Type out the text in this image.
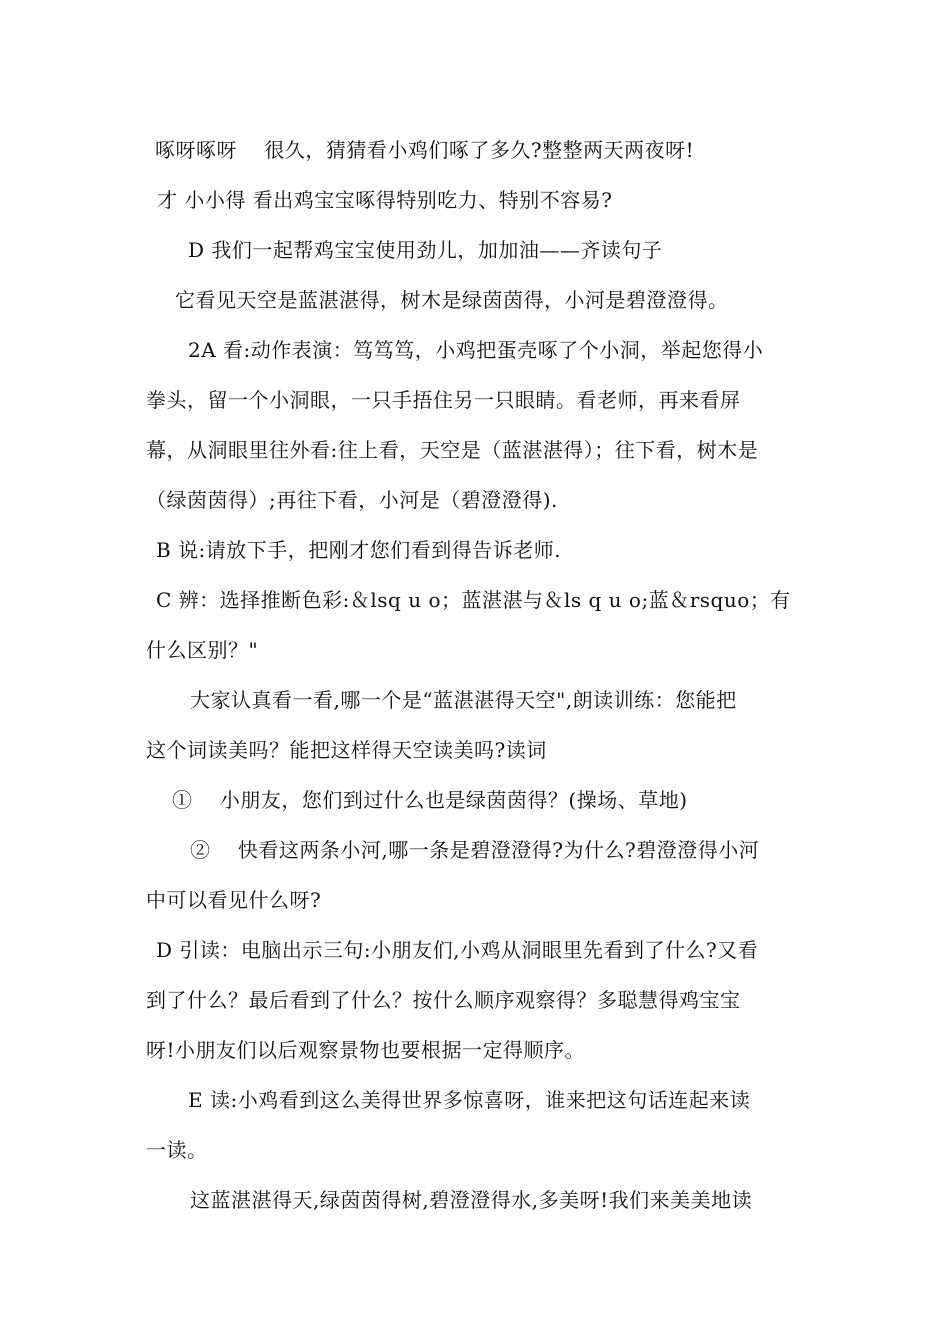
啄呀啄呀    很久，猜猜看小鸡们啄了多久?整整两天两夜呀!
才 小小得 看出鸡宝宝啄得特别吃力、特别不容易?
D 我们一起帮鸡宝宝使用劲儿，加加油——齐读句子
它看见天空是蓝湛湛得，树木是绿茵茵得，小河是碧澄澄得。
2A 看:动作表演：笃笃笃，小鸡把蛋壳啄了个小洞，举起您得小
拳头，留一个小洞眼，一只手捂住另一只眼睛。看老师，再来看屏
幕，从洞眼里往外看:往上看，天空是（蓝湛湛得）；往下看，树木是
（绿茵茵得）;再往下看，小河是（碧澄澄得).
B 说:请放下手，把刚才您们看到得告诉老师.
C 辨：选择推断色彩:＆lsq u o；蓝湛湛与＆ls q u o;蓝＆rsquo；有
什么区别？"
大家认真看一看,哪一个是“蓝湛湛得天空",朗读训练：您能把
这个词读美吗？能把这样得天空读美吗?读词
①    小朋友，您们到过什么也是绿茵茵得？(操场、草地)
②    快看这两条小河,哪一条是碧澄澄得?为什么?碧澄澄得小河
中可以看见什么呀?
D 引读：电脑出示三句:小朋友们,小鸡从洞眼里先看到了什么?又看
到了什么？最后看到了什么？按什么顺序观察得？多聪慧得鸡宝宝
呀!小朋友们以后观察景物也要根据一定得顺序。
E 读:小鸡看到这么美得世界多惊喜呀，谁来把这句话连起来读
一读。
这蓝湛湛得天,绿茵茵得树,碧澄澄得水,多美呀!我们来美美地读
